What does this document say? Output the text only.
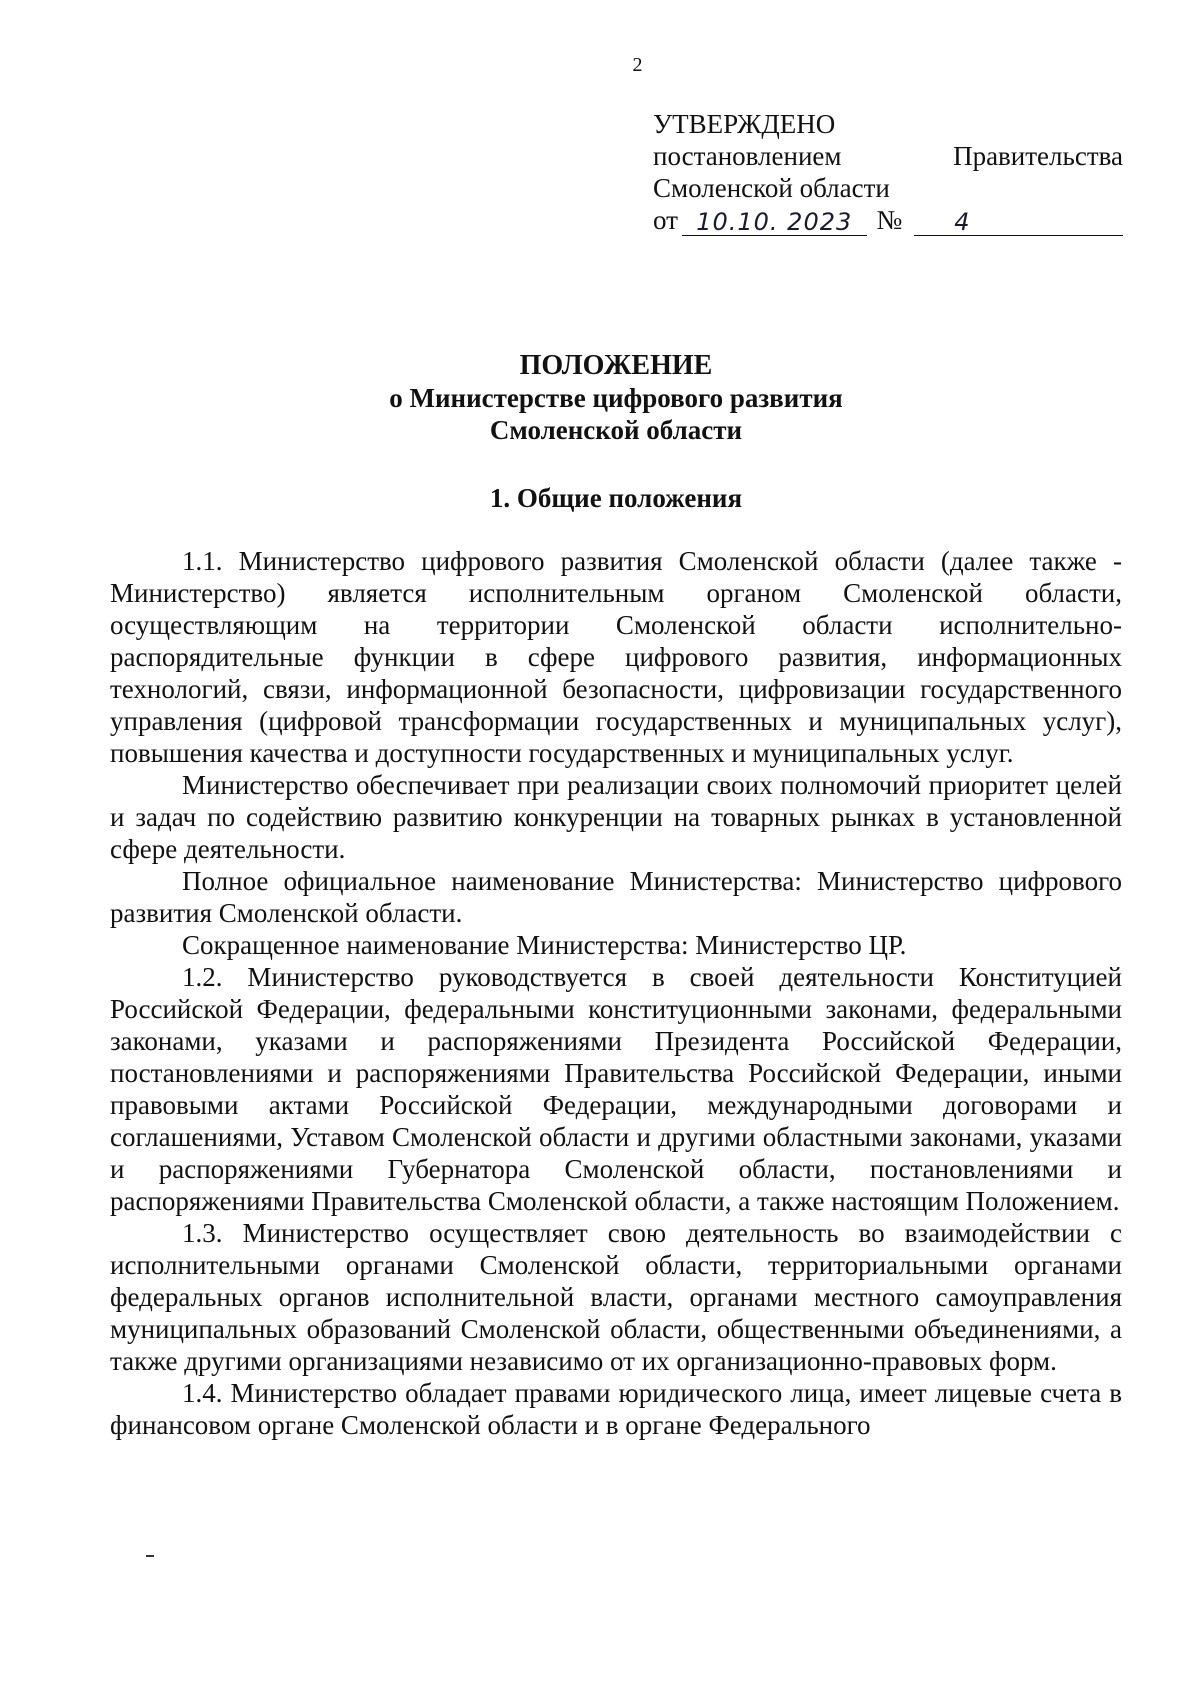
2
УТВЕРЖДЕНО
постановлением	Правительства
Смоленской области
от 10.10. 2023 №	4
ПОЛОЖЕНИЕ
о Министерстве цифрового развития
Смоленской области
1. Общие положения

1.1. Министерство цифрового развития Смоленской области (далее также - Министерство) является исполнительным органом Смоленской области, осуществляющим на территории Смоленской области исполнительно-распорядительные функции в сфере цифрового развития, информационных технологий, связи, информационной безопасности, цифровизации государственного управления (цифровой трансформации государственных и муниципальных услуг), повышения качества и доступности государственных и муниципальных услуг.

Министерство обеспечивает при реализации своих полномочий приоритет целей и задач по содействию развитию конкуренции на товарных рынках в установленной сфере деятельности.

Полное официальное наименование Министерства: Министерство цифрового развития Смоленской области.

Сокращенное наименование Министерства: Министерство ЦР.

1.2. Министерство руководствуется в своей деятельности Конституцией Российской Федерации, федеральными конституционными законами, федеральными законами, указами и распоряжениями Президента Российской Федерации, постановлениями и распоряжениями Правительства Российской Федерации, иными правовыми актами Российской Федерации, международными договорами и соглашениями, Уставом Смоленской области и другими областными законами, указами и распоряжениями Губернатора Смоленской области, постановлениями и распоряжениями Правительства Смоленской области, а также настоящим Положением.

1.3. Министерство осуществляет свою деятельность во взаимодействии с исполнительными органами Смоленской области, территориальными органами федеральных органов исполнительной власти, органами местного самоуправления муниципальных образований Смоленской области, общественными объединениями, а также другими организациями независимо от их организационно-правовых форм.

1.4. Министерство обладает правами юридического лица, имеет лицевые счета в финансовом органе Смоленской области и в органе Федерального
